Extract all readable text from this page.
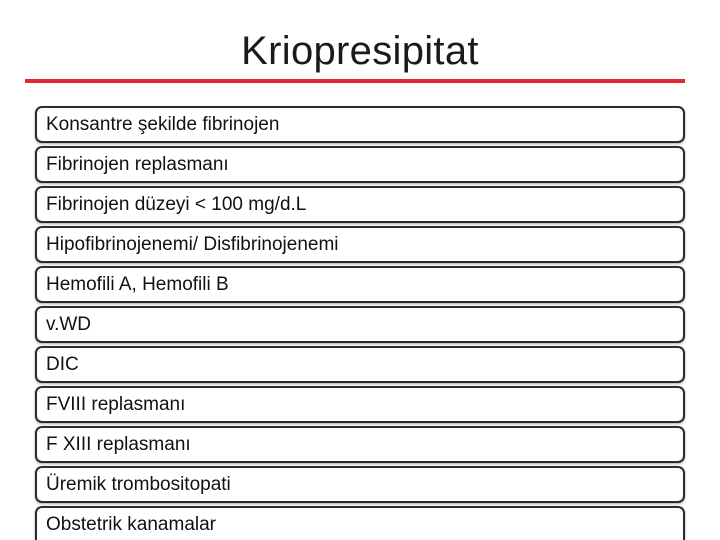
Kriopresipitat
Konsantre şekilde fibrinojen
Fibrinojen replasmanı
Fibrinojen düzeyi < 100 mg/d.L
Hipofibrinojenemi/ Disfibrinojenemi
Hemofili A, Hemofili B
v.WD
DIC
FVIII replasmanı
F XIII replasmanı
Üremik trombositopati
Obstetrik kanamalar
